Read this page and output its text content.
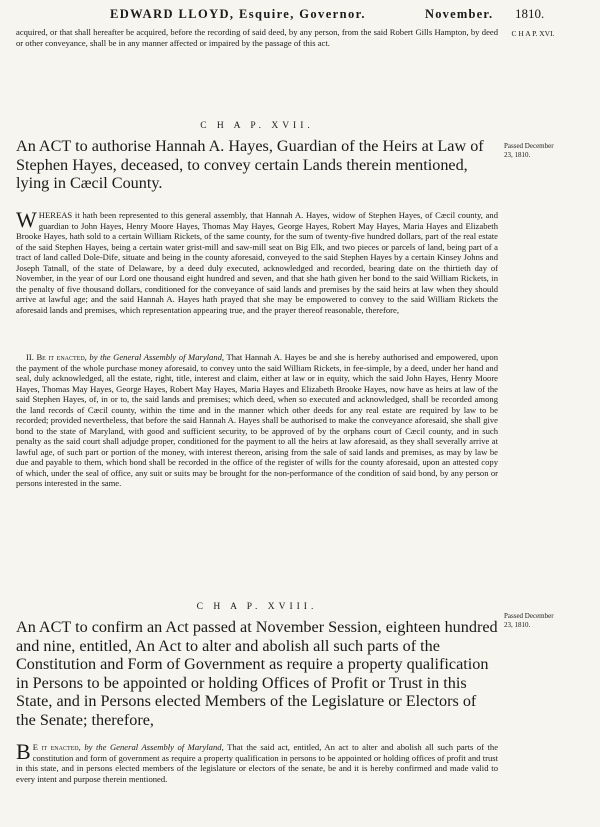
EDWARD LLOYD, Esquire, Governor.	November. 1810.
acquired, or that shall hereafter be acquired, before the recording of said deed, by any person, from the said Robert Gills Hampton, by deed or other conveyance, shall be in any manner affected or impaired by the passage of this act.
C H A P. XVI.
C H A P. XVII.
Passed December 23, 1810.
An ACT to authorise Hannah A. Hayes, Guardian of the Heirs at Law of Stephen Hayes, deceased, to convey certain Lands therein mentioned, lying in Cæcil County.
WHEREAS it hath been represented to this general assembly, that Hannah A. Hayes, widow of Stephen Hayes, of Cæcil county, and guardian to John Hayes, Henry Moore Hayes, Thomas May Hayes, George Hayes, Robert May Hayes, Maria Hayes and Elizabeth Brooke Hayes, hath sold to a certain William Rickets, of the same county, for the sum of twenty-five hundred dollars, part of the real estate of the said Stephen Hayes, being a certain water grist-mill and saw-mill seat on Big Elk, and two pieces or parcels of land, being part of a tract of land called Dole-Dife, situate and being in the county aforesaid, conveyed to the said Stephen Hayes by a certain Kinsey Johns and Joseph Tatnall, of the state of Delaware, by a deed duly executed, acknowledged and recorded, bearing date on the thirtieth day of November, in the year of our Lord one thousand eight hundred and seven, and that she hath given her bond to the said William Rickets, in the penalty of five thousand dollars, conditioned for the conveyance of said lands and premises by the said heirs at law when they should arrive at lawful age; and the said Hannah A. Hayes hath prayed that she may be empowered to convey to the said William Rickets the aforesaid lands and premises, which representation appearing true, and the prayer thereof reasonable, therefore,
II. Be it enacted, by the General Assembly of Maryland, That Hannah A. Hayes be and she is hereby authorised and empowered, upon the payment of the whole purchase money aforesaid, to convey unto the said William Rickets, in fee-simple, by a deed, under her hand and seal, duly acknowledged, all the estate, right, title, interest and claim, either at law or in equity, which the said John Hayes, Henry Moore Hayes, Thomas May Hayes, George Hayes, Robert May Hayes, Maria Hayes and Elizabeth Brooke Hayes, now have as heirs at law of the said Stephen Hayes, of, in or to, the said lands and premises; which deed, when so executed and acknowledged, shall be recorded among the land records of Cæcil county, within the time and in the manner which other deeds for any real estate are required by law to be recorded; provided nevertheless, that before the said Hannah A. Hayes shall be authorised to make the conveyance aforesaid, she shall give bond to the state of Maryland, with good and sufficient security, to be approved of by the orphans court of Cæcil county, and in such penalty as the said court shall adjudge proper, conditioned for the payment to all the heirs at law aforesaid, as they shall severally arrive at lawful age, of such part or portion of the money, with interest thereon, arising from the sale of said lands and premises, as may by law be due and payable to them, which bond shall be recorded in the office of the register of wills for the county aforesaid, upon an attested copy of which, under the seal of office, any suit or suits may be brought for the non-performance of the condition of said bond, by any person or persons interested in the same.
C H A P. XVIII.
Passed December 23, 1810.
An ACT to confirm an Act passed at November Session, eighteen hundred and nine, entitled, An Act to alter and abolish all such parts of the Constitution and Form of Government as require a property qualification in Persons to be appointed or holding Offices of Profit or Trust in this State, and in Persons elected Members of the Legislature or Electors of the Senate; therefore,
B E it enacted, by the General Assembly of Maryland, That the said act, entitled, An act to alter and abolish all such parts of the constitution and form of government as require a property qualification in persons to be appointed or holding offices of profit and trust in this state, and in persons elected members of the legislature or electors of the senate, be and it is hereby confirmed and made valid to every intent and purpose therein mentioned.
